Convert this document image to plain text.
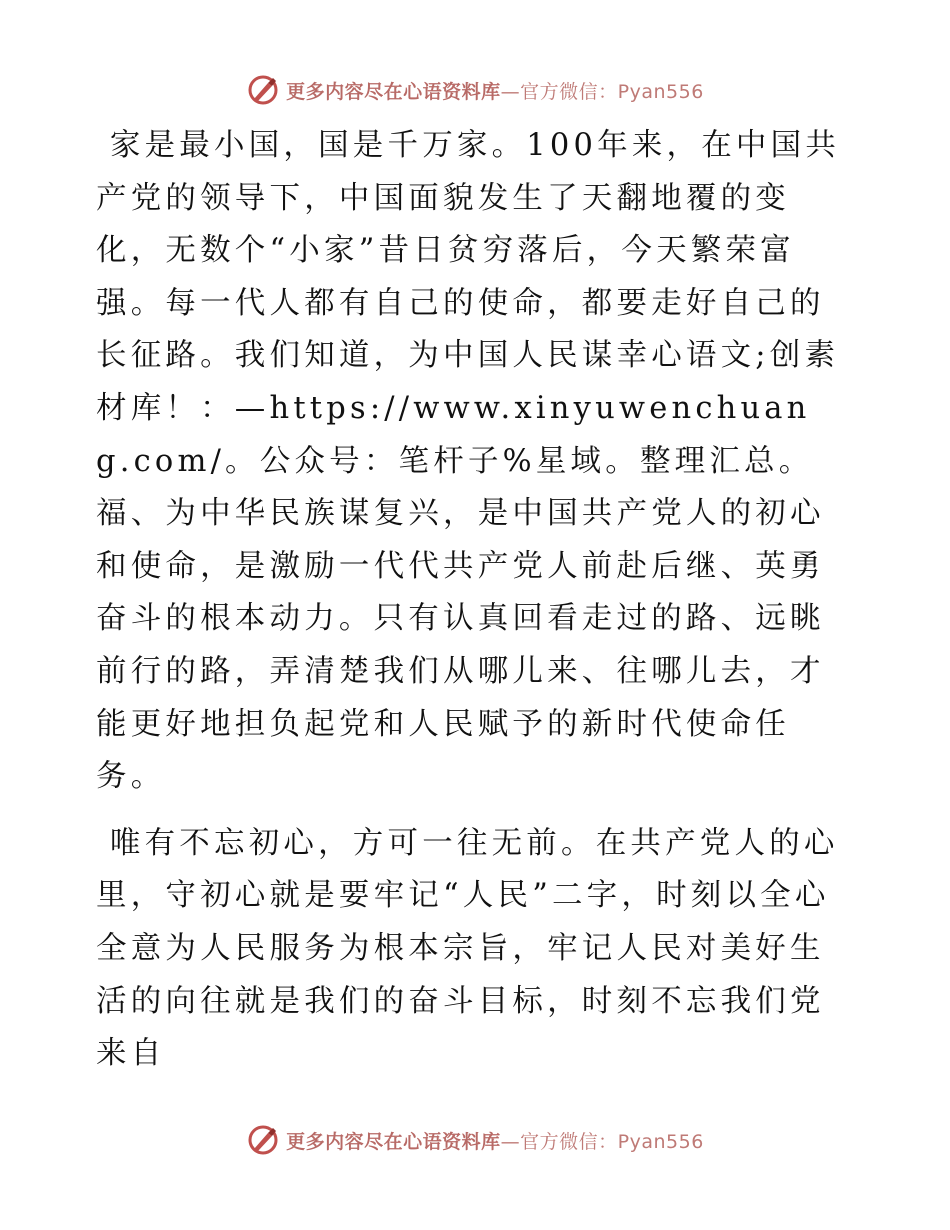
更多内容尽在心语资料库—官方微信：Pyan556

家是最小国，国是千万家。100年来，在中国共产党的领导下，中国面貌发生了天翻地覆的变化，无数个“小家”昔日贫穷落后，今天繁荣富强。每一代人都有自己的使命，都要走好自己的长征路。我们知道，为中国人民谋幸心语文;创素材库！：—https://www.xinyuwenchuang.com/。公众号：笔杆子%星域。整理汇总。福、为中华民族谋复兴，是中国共产党人的初心和使命，是激励一代代共产党人前赴后继、英勇奋斗的根本动力。只有认真回看走过的路、远眺前行的路，弄清楚我们从哪儿来、往哪儿去，才能更好地担负起党和人民赋予的新时代使命任务。

唯有不忘初心，方可一往无前。在共产党人的心里，守初心就是要牢记“人民”二字，时刻以全心全意为人民服务为根本宗旨，牢记人民对美好生活的向往就是我们的奋斗目标，时刻不忘我们党来自

更多内容尽在心语资料库—官方微信：Pyan556
